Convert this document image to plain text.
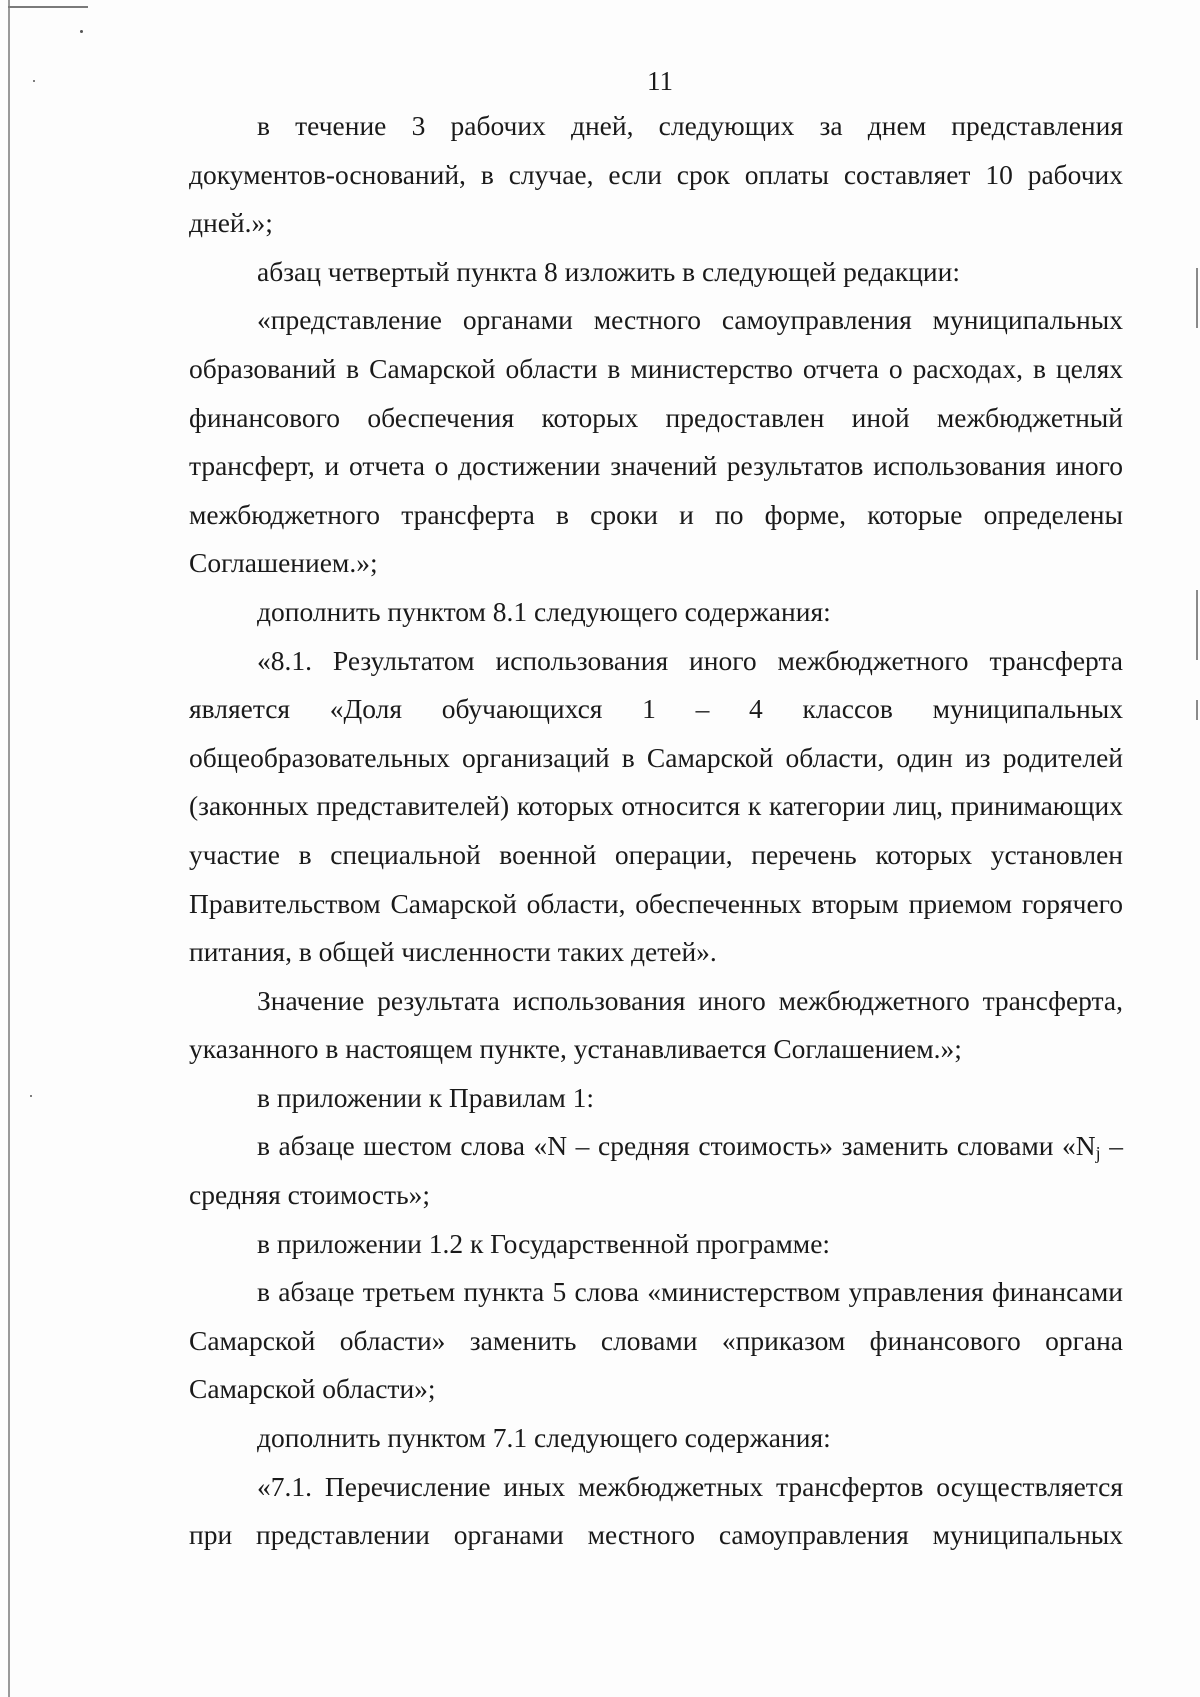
11

в течение 3 рабочих дней, следующих за днем представления документов-оснований, в случае, если срок оплаты составляет 10 рабочих дней.»;

абзац четвертый пункта 8 изложить в следующей редакции:

«представление органами местного самоуправления муниципальных образований в Самарской области в министерство отчета о расходах, в целях финансового обеспечения которых предоставлен иной межбюджетный трансферт, и отчета о достижении значений результатов использования иного межбюджетного трансферта в сроки и по форме, которые определены Соглашением.»;

дополнить пунктом 8.1 следующего содержания:

«8.1. Результатом использования иного межбюджетного трансферта является «Доля обучающихся 1 – 4 классов муниципальных общеобразовательных организаций в Самарской области, один из родителей (законных представителей) которых относится к категории лиц, принимающих участие в специальной военной операции, перечень которых установлен Правительством Самарской области, обеспеченных вторым приемом горячего питания, в общей численности таких детей».

Значение результата использования иного межбюджетного трансферта, указанного в настоящем пункте, устанавливается Соглашением.»;

в приложении к Правилам 1:

в абзаце шестом слова «N – средняя стоимость» заменить словами «$N_j$ – средняя стоимость»;

в приложении 1.2 к Государственной программе:

в абзаце третьем пункта 5 слова «министерством управления финансами Самарской области» заменить словами «приказом финансового органа Самарской области»;

дополнить пунктом 7.1 следующего содержания:

«7.1. Перечисление иных межбюджетных трансфертов осуществляется при представлении органами местного самоуправления муниципальных
